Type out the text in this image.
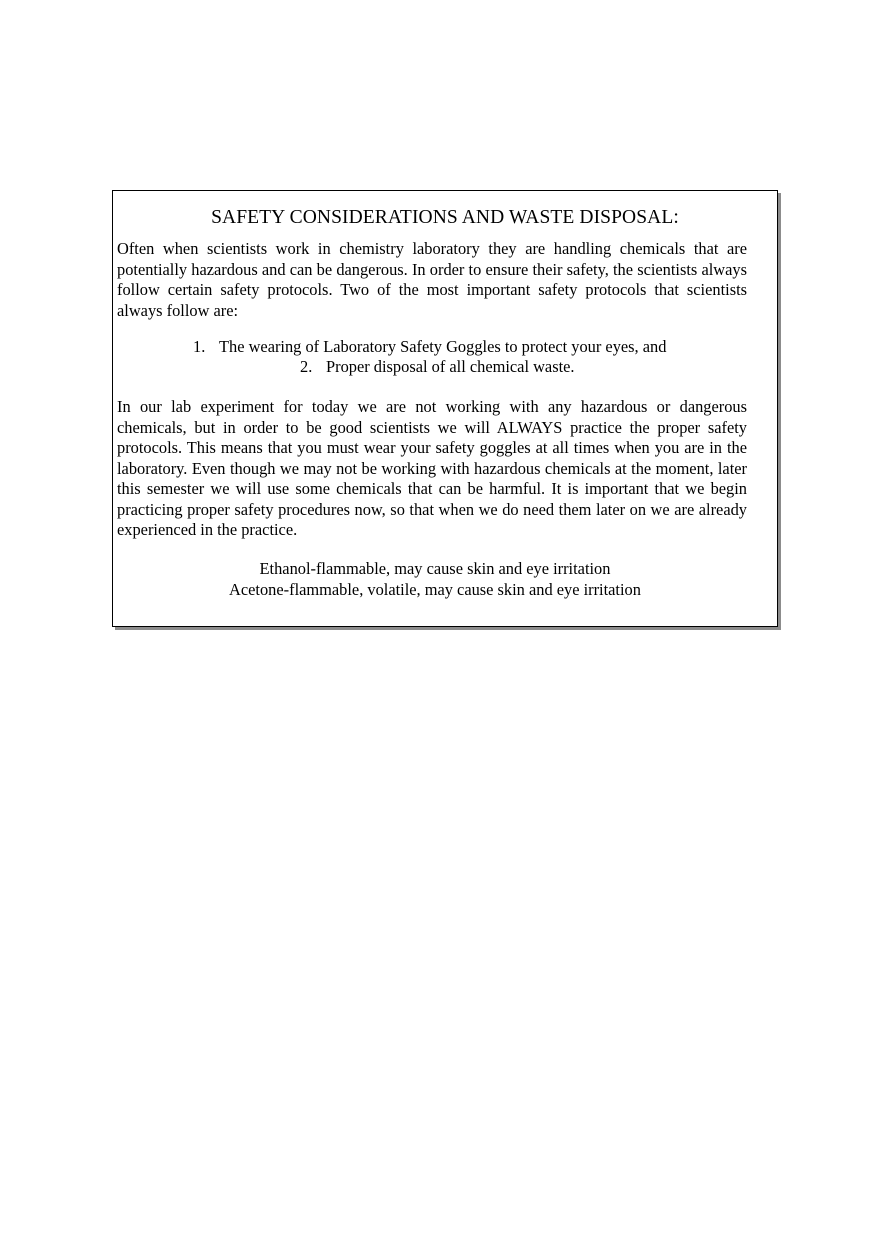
SAFETY CONSIDERATIONS AND WASTE DISPOSAL:

Often when scientists work in chemistry laboratory they are handling chemicals that are potentially hazardous and can be dangerous. In order to ensure their safety, the scientists always follow certain safety protocols. Two of the most important safety protocols that scientists always follow are:

1. The wearing of Laboratory Safety Goggles to protect your eyes, and
2. Proper disposal of all chemical waste.

In our lab experiment for today we are not working with any hazardous or dangerous chemicals, but in order to be good scientists we will ALWAYS practice the proper safety protocols. This means that you must wear your safety goggles at all times when you are in the laboratory. Even though we may not be working with hazardous chemicals at the moment, later this semester we will use some chemicals that can be harmful. It is important that we begin practicing proper safety procedures now, so that when we do need them later on we are already experienced in the practice.

Ethanol-flammable, may cause skin and eye irritation

Acetone-flammable, volatile, may cause skin and eye irritation
